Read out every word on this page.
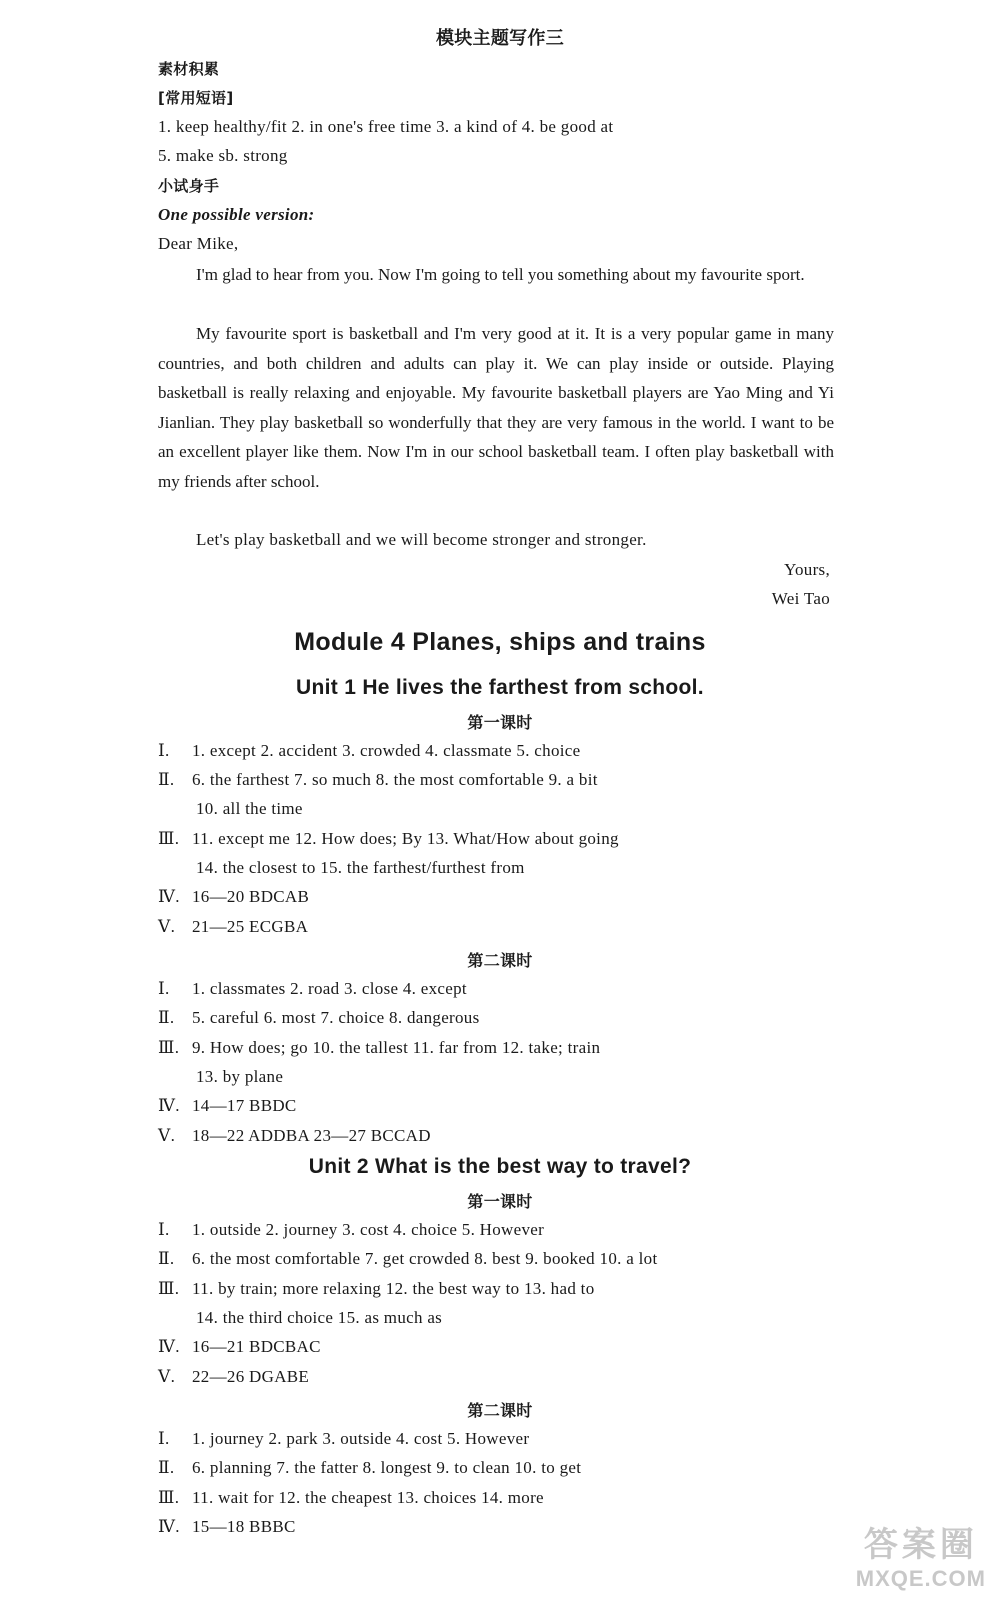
模块主题写作三
素材积累
[常用短语]
1. keep healthy/fit 2. in one's free time 3. a kind of 4. be good at
5. make sb. strong
小试身手
One possible version:
Dear Mike,
I'm glad to hear from you. Now I'm going to tell you something about my favourite sport.
My favourite sport is basketball and I'm very good at it. It is a very popular game in many countries, and both children and adults can play it. We can play inside or outside. Playing basketball is really relaxing and enjoyable. My favourite basketball players are Yao Ming and Yi Jianlian. They play basketball so wonderfully that they are very famous in the world. I want to be an excellent player like them. Now I'm in our school basketball team. I often play basketball with my friends after school.
Let's play basketball and we will become stronger and stronger.
Yours,
Wei Tao
Module 4 Planes, ships and trains
Unit 1 He lives the farthest from school.
第一课时
Ⅰ. 1. except 2. accident 3. crowded 4. classmate 5. choice
Ⅱ. 6. the farthest 7. so much 8. the most comfortable 9. a bit
10. all the time
Ⅲ. 11. except me 12. How does; By 13. What/How about going
14. the closest to 15. the farthest/furthest from
Ⅳ. 16—20 BDCAB
Ⅴ. 21—25 ECGBA
第二课时
Ⅰ. 1. classmates 2. road 3. close 4. except
Ⅱ. 5. careful 6. most 7. choice 8. dangerous
Ⅲ. 9. How does; go 10. the tallest 11. far from 12. take; train
13. by plane
Ⅳ. 14—17 BBDC
Ⅴ. 18—22 ADDBA 23—27 BCCAD
Unit 2 What is the best way to travel?
第一课时
Ⅰ. 1. outside 2. journey 3. cost 4. choice 5. However
Ⅱ. 6. the most comfortable 7. get crowded 8. best 9. booked 10. a lot
Ⅲ. 11. by train; more relaxing 12. the best way to 13. had to
14. the third choice 15. as much as
Ⅳ. 16—21 BDCBAC
Ⅴ. 22—26 DGABE
第二课时
Ⅰ. 1. journey 2. park 3. outside 4. cost 5. However
Ⅱ. 6. planning 7. the fatter 8. longest 9. to clean 10. to get
Ⅲ. 11. wait for 12. the cheapest 13. choices 14. more
Ⅳ. 15—18 BBBC	答案圈
MXQE.COM
